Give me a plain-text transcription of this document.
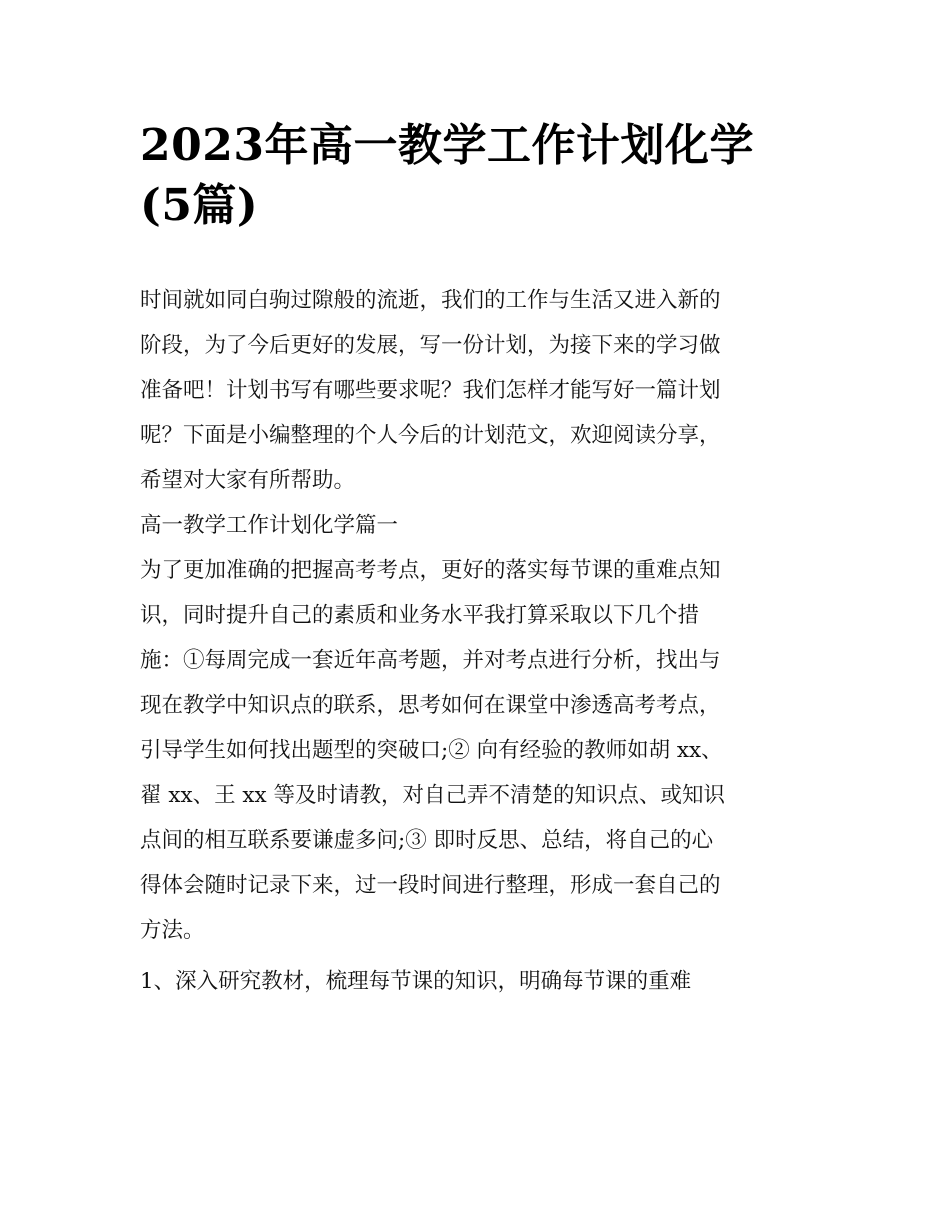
2023年高一教学工作计划化学
(5篇)
时间就如同白驹过隙般的流逝，我们的工作与生活又进入新的
阶段，为了今后更好的发展，写一份计划，为接下来的学习做
准备吧！计划书写有哪些要求呢？我们怎样才能写好一篇计划
呢？下面是小编整理的个人今后的计划范文，欢迎阅读分享，
希望对大家有所帮助。
高一教学工作计划化学篇一
为了更加准确的把握高考考点，更好的落实每节课的重难点知
识，同时提升自己的素质和业务水平我打算采取以下几个措
施：①每周完成一套近年高考题，并对考点进行分析，找出与
现在教学中知识点的联系，思考如何在课堂中渗透高考考点，
引导学生如何找出题型的突破口;② 向有经验的教师如胡 xx、
翟 xx、王 xx 等及时请教，对自己弄不清楚的知识点、或知识
点间的相互联系要谦虚多问;③ 即时反思、总结，将自己的心
得体会随时记录下来，过一段时间进行整理，形成一套自己的
方法。
1、深入研究教材，梳理每节课的知识，明确每节课的重难
